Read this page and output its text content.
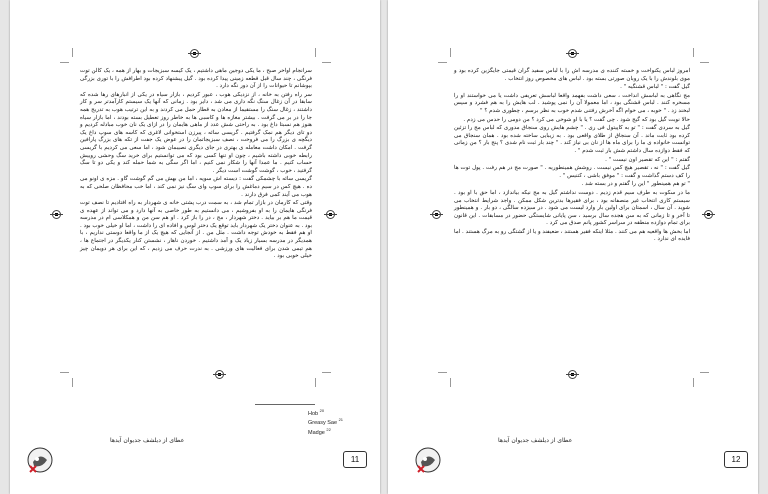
سرانجام اواخر صبح ، ما یکی دوجین ماهی داشتیم ، یک کیسه سبزیجات و بهار از همه ، یک کالن توت فرنگی ، چند سال قبل قطعه زمینی پیدا کرده بود . گیل پیشنهاد کرده بود اطرافش را با توری بزرگی بپوشانم تا حیوانات را از آن دور نگه دارد .

سر راه رفتن به خانه ، از نزدیکی هوب ، عبور کردیم ، بازار سیاه در یکی از انبارهای رها شده که سابقا در آن زغال سنگ نگه داری می شد ، دایر بود . زمانی که آنها یک سیستم کارآمدتر سر و کار داشتند ، زغال سنگ را مستقیما از معادن به قطار حمل می کردند و به این ترتیب هوب به تدریج همه جا را در بر می گرفت . بیشتر مغازه ها و کاسبی ها به خاطر روز تعطیل بسته بودند ، اما بازار سیاه هنوز هم نسبتا داغ بود . به راحتی شش عدد از ماهی هایمان را در ازای یک نان خوب مبادله کردیم و دو تای دیگر هم نمک گرفتیم . گریسی سائه ، پیرزن استخوانی لاغری که کاسه های سوپ داغ یک دیگچه ی بزرگ را می فروخت ، نصف سبزیجاتمان را در عوض یک جفت از تکه های بزرگ پارافین گرفت . امکان داشت معامله ی بهتری در جای دیگری نصیبمان شود ، اما سعی می کردیم با گریسی رابطه خوبی داشته باشیم ، چون او تنها کسی بود که می توانستیم برای خرید سگ وحشی روییش حساب کنیم . ما عمدا آنها را شکار نمی کنیم ، اما اگر سگی به شما حمله کند و یکی دو تا سگ گرفتید ، خوب ، گوشت گوشت است دیگر .

گریسی سائه با چشمکی گفت : دیسته اش سوپه ، اما من بهش می گم گوشت گاو . مزه ی اونو می ده . هیچ کس در سیم دماغش را برای سوپ وای سگ نیز نمی کند ، اما خب محافظان صلحی که به هوب می آیند کمی فرق دارند .

وقتی که کارمان در بازار تمام شد ، به سمت درب پشتی خانه ی شهردار به راه افتادیم تا نصف توت فرنگی هایمان را به او بفروشیم ، می دانستیم به طور خاصی به آنها دارد و می تواند از عهده ی قیمت ما هم بر بیاید . دختر شهردار ، مج ، در را باز کرد . او هم سن من و همکلاسی ام در مدرسه بود . به عنوان دختر یک شهردار باید توقع یک دختر لوس و افاده ای را داشت ، اما او خیلی خوب بود . او هم فقط به خودش توجه داشت . مثل من . از آنجایی که هیچ یک از ما واقعا دوستی نداریم ، با همدیگر در مدرسه بسیار زیاد یک و آمد داشتیم . خوردن ناهار ، نشستن کنار یکدیگر در اجتماع ها ، هم تیمی شدن برای فعالیت های ورزشی . به ندرت حرف می زدیم ، که این برای هر دویمان چیز خیلی خوبی بود .

Hob $^{20}$
Greasy Sae $^{21}$
Madge $^{22}$
عطای از دیلشف جدیوان آیدها
11

امروز لباس یکنواخت و خسته کننده ی مدرسه اش را با لباس سفید گران قیمتی جایگزین کرده بود و موی بلوندش را با یک روبان صورتی بسته بود . لباس های مخصوص روز انتخاب .

گیل گفت : " لباس قشنگیه " .

مج نگاهی به لباسش انداخت ، سعی داشت بفهمد واقعا لباسش تعریفی داشت یا می خواستند او را مسخره کنند . لباس قشنگی بود ، اما معمولا آن را نمی پوشید . لب هایش را به هم فشرد و سپس لبخند زد . " خوبه ، می خوام اگه آخرش رفتنی شدم خوب به نظر برسم ، چطوری شدم ؟ "

حالا نوبت گیل بود که گیج شود . چی گفت ؟ یا با او شوخی می کرد ؟ من دومی را حدس می زدم .

گیل به سردی گفت : " تو به کاپیتول فی ری . " چشم هایش روی سنجاق مدوری که لباس مج را تزئین کرده بود ثابت ماند . آن سنجاق از طلای واقعی بود . به زیبایی ساخته شده بود . همان سنجاق می توانست خانواده ی ما را برای ماه ها از نان بی نیاز کند . " چند بار ثبت نام شدی ؟ پنج بار ؟ من زمانی که فقط دوازده سال داشتم شش بار ثبت شدم " .

گفتم : " این که تقصیر اون نیست " .

گیل گفت : " نه ، تقصیر هیچ کس نیست . روشش همینطوریه . " صورت مج در هم رفت . پول توت ها را کف دستم گذاشت و گفت : " موفق باشی ، کتنیس " .

" تو هم همینطور " این را گفتم و در بسته شد .

ما در سکوت به طرف سیم قدم زدیم . دوست نداشتم گیل به مج نیکه بیاندازد ، اما حق با او بود . سیستم کاری انتخاب غیر منصفانه بود ، برای فقیرها بدترین شکل ممکن . واجد شرایط انتخاب می شوید . آن سال ، اسمتان برای اولین بار وارد لیست می شود . در سیزده سالگی ، دو بار . و همینطور تا آخر و تا زمانی که به سن هجده سال برسید ، سن پایانی شایستگی حضور در مسابقات . این قانون برای تمام دوازده منطقه در سراسر کشور پانم صدق می کرد .

اما بخش ها واقعیه هم می کنند . مثلا اینکه فقیر هستند ، ضعیفند و یا از گشتگی رو به مرگ هستند . اما فایده ای ندارد .

عطای از دیلشف جدیوان آیدها
12
